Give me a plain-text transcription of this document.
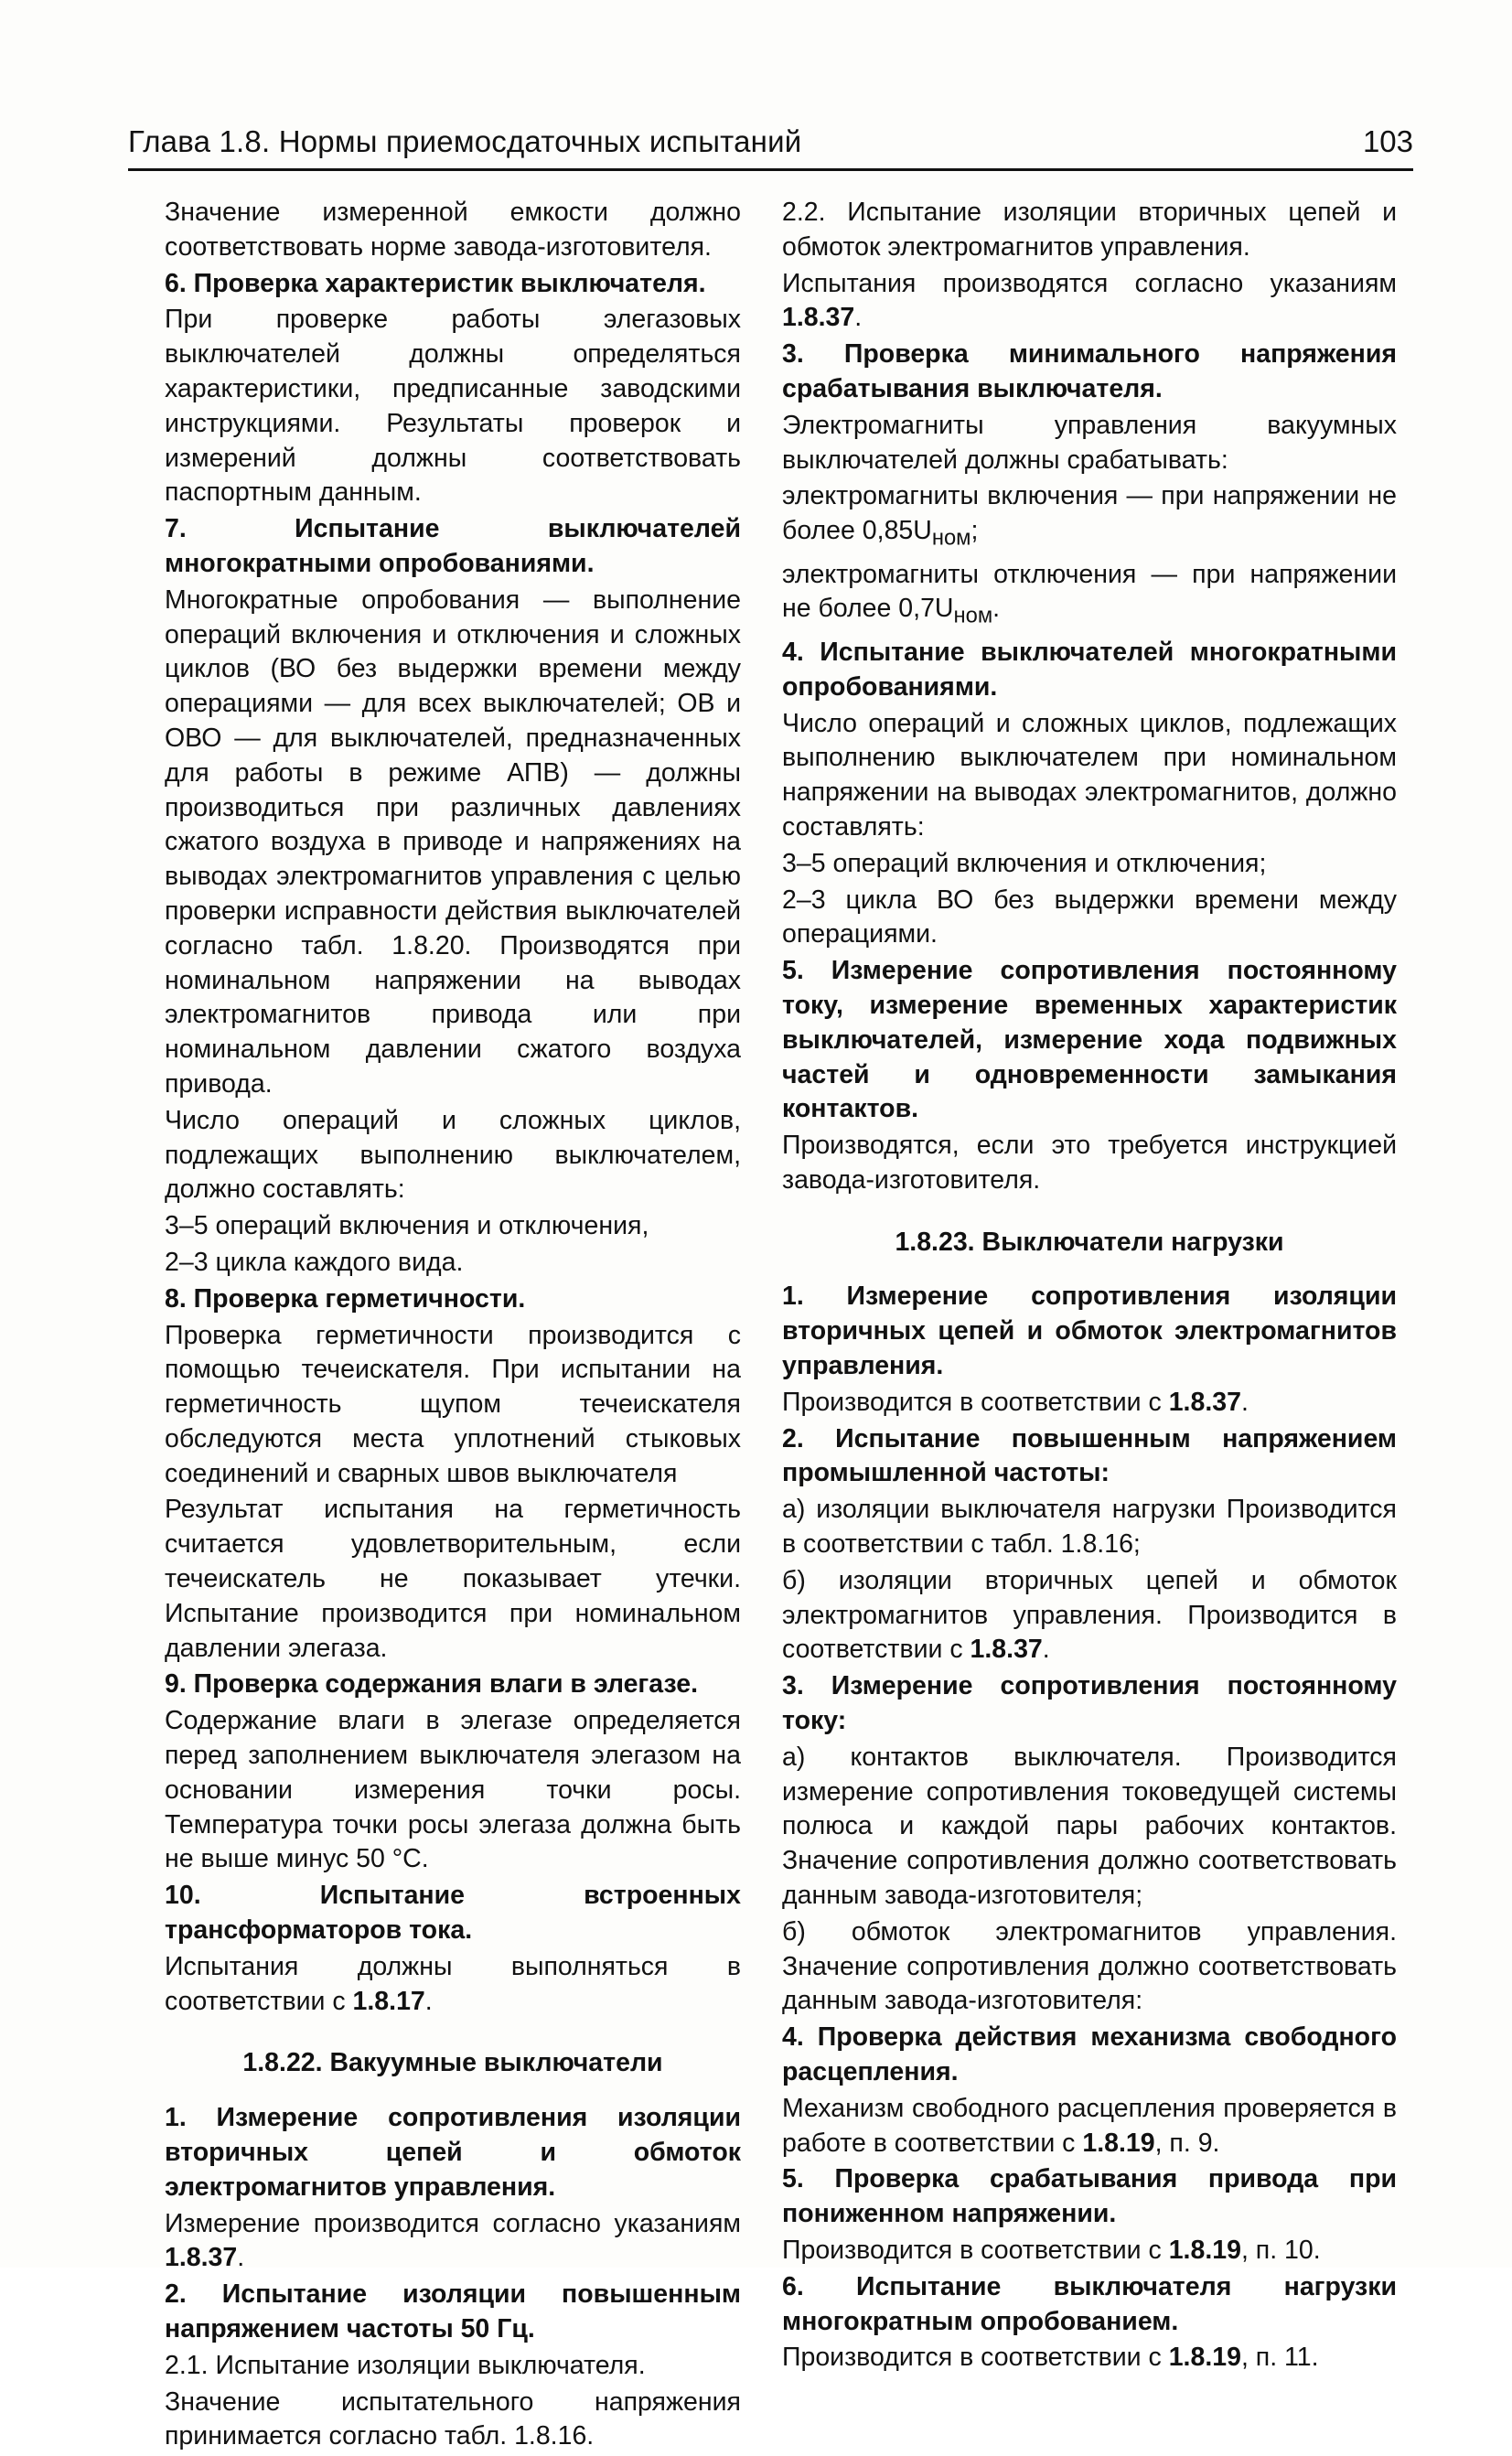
Глава 1.8. Нормы приемосдаточных испытаний	103

Значение измеренной емкости должно соответствовать норме завода-изготовителя.

6. Проверка характеристик выключателя.

При проверке работы элегазовых выключателей должны определяться характеристики, предписанные заводскими инструкциями. Результаты проверок и измерений должны соответствовать паспортным данным.

7. Испытание выключателей многократными опробованиями.

Многократные опробования — выполнение операций включения и отключения и сложных циклов (ВО без выдержки времени между операциями — для всех выключателей; ОВ и ОВО — для выключателей, предназначенных для работы в режиме АПВ) — должны производиться при различных давлениях сжатого воздуха в приводе и напряжениях на выводах электромагнитов управления с целью проверки исправности действия выключателей согласно табл. 1.8.20. Производятся при номинальном напряжении на выводах электромагнитов привода или при номинальном давлении сжатого воздуха привода.

Число операций и сложных циклов, подлежащих выполнению выключателем, должно составлять:

3–5 операций включения и отключения,

2–3 цикла каждого вида.

8. Проверка герметичности.

Проверка герметичности производится с помощью течеискателя. При испытании на герметичность щупом течеискателя обследуются места уплотнений стыковых соединений и сварных швов выключателя

Результат испытания на герметичность считается удовлетворительным, если течеискатель не показывает утечки. Испытание производится при номинальном давлении элегаза.

9. Проверка содержания влаги в элегазе.

Содержание влаги в элегазе определяется перед заполнением выключателя элегазом на основании измерения точки росы. Температура точки росы элегаза должна быть не выше минус 50 °С.

10. Испытание встроенных трансформаторов тока.

Испытания должны выполняться в соответствии с 1.8.17.

1.8.22. Вакуумные выключатели

1. Измерение сопротивления изоляции вторичных цепей и обмоток электромагнитов управления.

Измерение производится согласно указаниям 1.8.37.

2. Испытание изоляции повышенным напряжением частоты 50 Гц.

2.1. Испытание изоляции выключателя.

Значение испытательного напряжения принимается согласно табл. 1.8.16.

2.2. Испытание изоляции вторичных цепей и обмоток электромагнитов управления.

Испытания производятся согласно указаниям 1.8.37.

3. Проверка минимального напряжения срабатывания выключателя.

Электромагниты управления вакуумных выключателей должны срабатывать:

электромагниты включения — при напряжении не более $0,85U_{ном}$;

электромагниты отключения — при напряжении не более $0,7U_{ном}$.

4. Испытание выключателей многократными опробованиями.

Число операций и сложных циклов, подлежащих выполнению выключателем при номинальном напряжении на выводах электромагнитов, должно составлять:

3–5 операций включения и отключения;

2–3 цикла ВО без выдержки времени между операциями.

5. Измерение сопротивления постоянному току, измерение временных характеристик выключателей, измерение хода подвижных частей и одновременности замыкания контактов.

Производятся, если это требуется инструкцией завода-изготовителя.

1.8.23. Выключатели нагрузки

1. Измерение сопротивления изоляции вторичных цепей и обмоток электромагнитов управления.

Производится в соответствии с 1.8.37.

2. Испытание повышенным напряжением промышленной частоты:

а) изоляции выключателя нагрузки Производится в соответствии с табл. 1.8.16;

б) изоляции вторичных цепей и обмоток электромагнитов управления. Производится в соответствии с 1.8.37.

3. Измерение сопротивления постоянному току:

а) контактов выключателя. Производится измерение сопротивления токоведущей системы полюса и каждой пары рабочих контактов. Значение сопротивления должно соответствовать данным завода-изготовителя;

б) обмоток электромагнитов управления. Значение сопротивления должно соответствовать данным завода-изготовителя:

4. Проверка действия механизма свободного расцепления.

Механизм свободного расцепления проверяется в работе в соответствии с 1.8.19, п. 9.

5. Проверка срабатывания привода при пониженном напряжении.

Производится в соответствии с 1.8.19, п. 10.

6. Испытание выключателя нагрузки многократным опробованием.

Производится в соответствии с 1.8.19, п. 11.
